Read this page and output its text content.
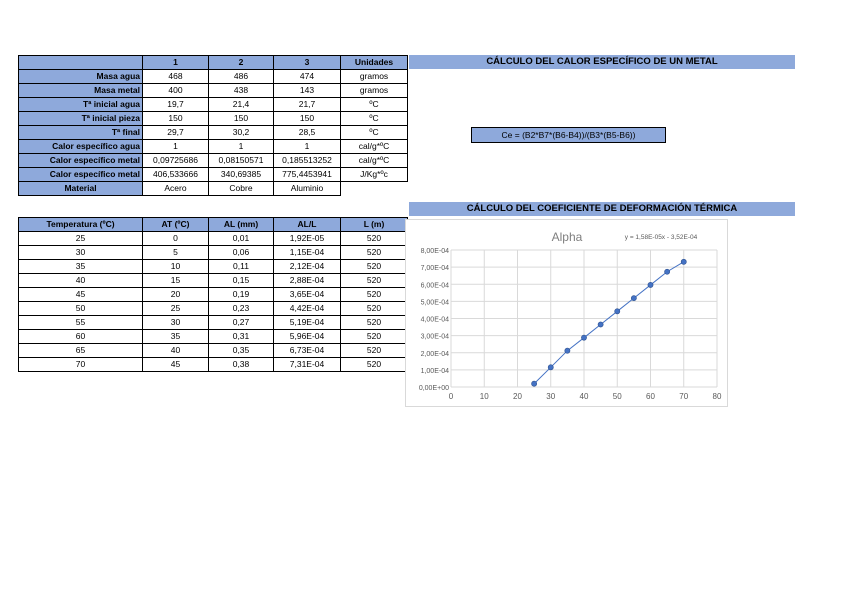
	1	2	3	Unidades
Masa agua	468	486	474	gramos
Masa metal	400	438	143	gramos
Tª inicial agua	19,7	21,4	21,7	ºC
Tª inicial pieza	150	150	150	ºC
Tª final	29,7	30,2	28,5	ºC
Calor específico agua	1	1	1	cal/g*ºC
Calor específico metal	0,09725686	0,08150571	0,185513252	cal/g*ºC
Calor específico metal	406,533666	340,69385	775,4453941	J/Kg*ºc
Material	Acero	Cobre	Aluminio	
CÁLCULO DEL CALOR ESPECÍFICO DE UN METAL
Ce = (B2*B7*(B6-B4))/(B3*(B5-B6))
CÁLCULO DEL COEFICIENTE DE DEFORMACIÓN TÉRMICA
Temperatura (ºC)	AT (ºC)	AL (mm)	AL/L	L (m)
25	0	0,01	1,92E-05	520
30	5	0,06	1,15E-04	520
35	10	0,11	2,12E-04	520
40	15	0,15	2,88E-04	520
45	20	0,19	3,65E-04	520
50	25	0,23	4,42E-04	520
55	30	0,27	5,19E-04	520
60	35	0,31	5,96E-04	520
65	40	0,35	6,73E-04	520
70	45	0,38	7,31E-04	520
0	10	20	30	40	50	60	70	80
0,00E+00
1,00E-04
2,00E-04
3,00E-04
4,00E-04
5,00E-04
6,00E-04
7,00E-04
8,00E-04
Alpha	y = 1,58E-05x - 3,52E-04
